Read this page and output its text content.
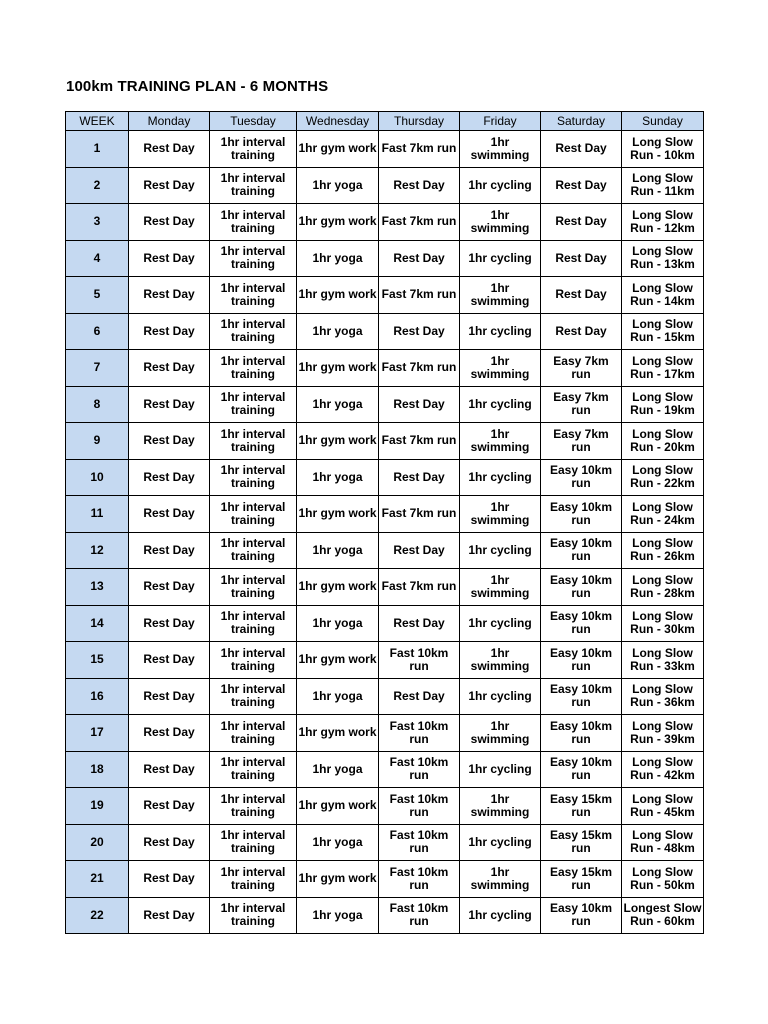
100km TRAINING PLAN - 6 MONTHS
WEEK	Monday	Tuesday	Wednesday	Thursday	Friday	Saturday	Sunday
1	Rest Day	1hr interval training	1hr gym work	Fast 7km run	1hr swimming	Rest Day	Long Slow Run - 10km
2	Rest Day	1hr interval training	1hr yoga	Rest Day	1hr cycling	Rest Day	Long Slow Run - 11km
3	Rest Day	1hr interval training	1hr gym work	Fast 7km run	1hr swimming	Rest Day	Long Slow Run - 12km
4	Rest Day	1hr interval training	1hr yoga	Rest Day	1hr cycling	Rest Day	Long Slow Run - 13km
5	Rest Day	1hr interval training	1hr gym work	Fast 7km run	1hr swimming	Rest Day	Long Slow Run - 14km
6	Rest Day	1hr interval training	1hr yoga	Rest Day	1hr cycling	Rest Day	Long Slow Run - 15km
7	Rest Day	1hr interval training	1hr gym work	Fast 7km run	1hr swimming	Easy 7km run	Long Slow Run - 17km
8	Rest Day	1hr interval training	1hr yoga	Rest Day	1hr cycling	Easy 7km run	Long Slow Run - 19km
9	Rest Day	1hr interval training	1hr gym work	Fast 7km run	1hr swimming	Easy 7km run	Long Slow Run - 20km
10	Rest Day	1hr interval training	1hr yoga	Rest Day	1hr cycling	Easy 10km run	Long Slow Run - 22km
11	Rest Day	1hr interval training	1hr gym work	Fast 7km run	1hr swimming	Easy 10km run	Long Slow Run - 24km
12	Rest Day	1hr interval training	1hr yoga	Rest Day	1hr cycling	Easy 10km run	Long Slow Run - 26km
13	Rest Day	1hr interval training	1hr gym work	Fast 7km run	1hr swimming	Easy 10km run	Long Slow Run - 28km
14	Rest Day	1hr interval training	1hr yoga	Rest Day	1hr cycling	Easy 10km run	Long Slow Run - 30km
15	Rest Day	1hr interval training	1hr gym work	Fast 10km run	1hr swimming	Easy 10km run	Long Slow Run - 33km
16	Rest Day	1hr interval training	1hr yoga	Rest Day	1hr cycling	Easy 10km run	Long Slow Run - 36km
17	Rest Day	1hr interval training	1hr gym work	Fast 10km run	1hr swimming	Easy 10km run	Long Slow Run - 39km
18	Rest Day	1hr interval training	1hr yoga	Fast 10km run	1hr cycling	Easy 10km run	Long Slow Run - 42km
19	Rest Day	1hr interval training	1hr gym work	Fast 10km run	1hr swimming	Easy 15km run	Long Slow Run - 45km
20	Rest Day	1hr interval training	1hr yoga	Fast 10km run	1hr cycling	Easy 15km run	Long Slow Run - 48km
21	Rest Day	1hr interval training	1hr gym work	Fast 10km run	1hr swimming	Easy 15km run	Long Slow Run - 50km
22	Rest Day	1hr interval training	1hr yoga	Fast 10km run	1hr cycling	Easy 10km run	Longest Slow Run - 60km
